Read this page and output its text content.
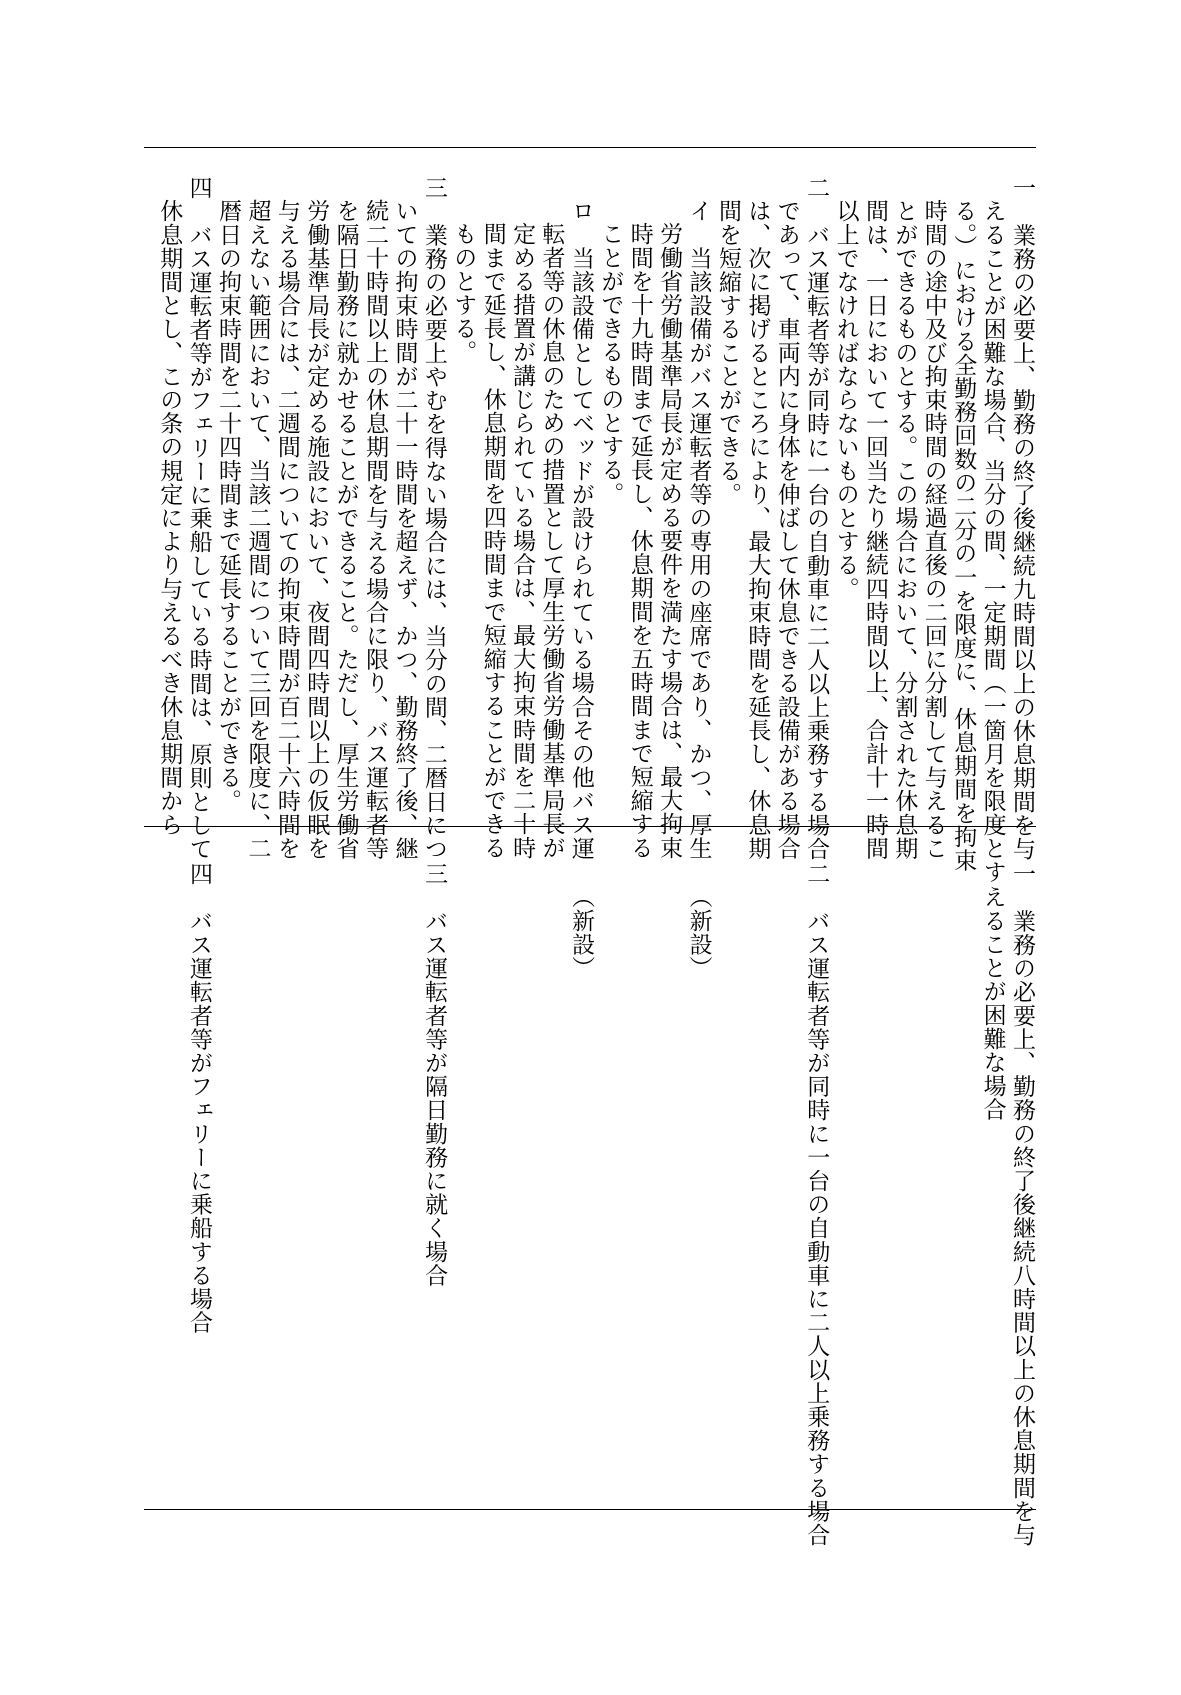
一　業務の必要上、勤務の終了後継続九時間以上の休息期間を与
えることが困難な場合、当分の間、一定期間（一箇月を限度とす
る。）における全勤務回数の二分の一を限度に、休息期間を拘束
時間の途中及び拘束時間の経過直後の二回に分割して与えるこ
とができるものとする。この場合において、分割された休息期
間は、一日において一回当たり継続四時間以上、合計十一時間
以上でなければならないものとする。
二　バス運転者等が同時に一台の自動車に二人以上乗務する場合
であって、車両内に身体を伸ばして休息できる設備がある場合
は、次に掲げるところにより、最大拘束時間を延長し、休息期
間を短縮することができる。
イ　当該設備がバス運転者等の専用の座席であり、かつ、厚生
労働省労働基準局長が定める要件を満たす場合は、最大拘束
時間を十九時間まで延長し、休息期間を五時間まで短縮する
ことができるものとする。
ロ　当該設備としてベッドが設けられている場合その他バス運
転者等の休息のための措置として厚生労働省労働基準局長が
定める措置が講じられている場合は、最大拘束時間を二十時
間まで延長し、休息期間を四時間まで短縮することができる
ものとする。
三　業務の必要上やむを得ない場合には、当分の間、二暦日につ
いての拘束時間が二十一時間を超えず、かつ、勤務終了後、継
続二十時間以上の休息期間を与える場合に限り、バス運転者等
を隔日勤務に就かせることができること。ただし、厚生労働省
労働基準局長が定める施設において、夜間四時間以上の仮眠を
与える場合には、二週間についての拘束時間が百二十六時間を
超えない範囲において、当該二週間について三回を限度に、二
暦日の拘束時間を二十四時間まで延長することができる。
四　バス運転者等がフェリーに乗船している時間は、原則として
休息期間とし、この条の規定により与えるべき休息期間から
一　業務の必要上、勤務の終了後継続八時間以上の休息期間を与
えることが困難な場合
二　バス運転者等が同時に一台の自動車に二人以上乗務する場合
（新設）
（新設）
三　バス運転者等が隔日勤務に就く場合
四　バス運転者等がフェリーに乗船する場合
